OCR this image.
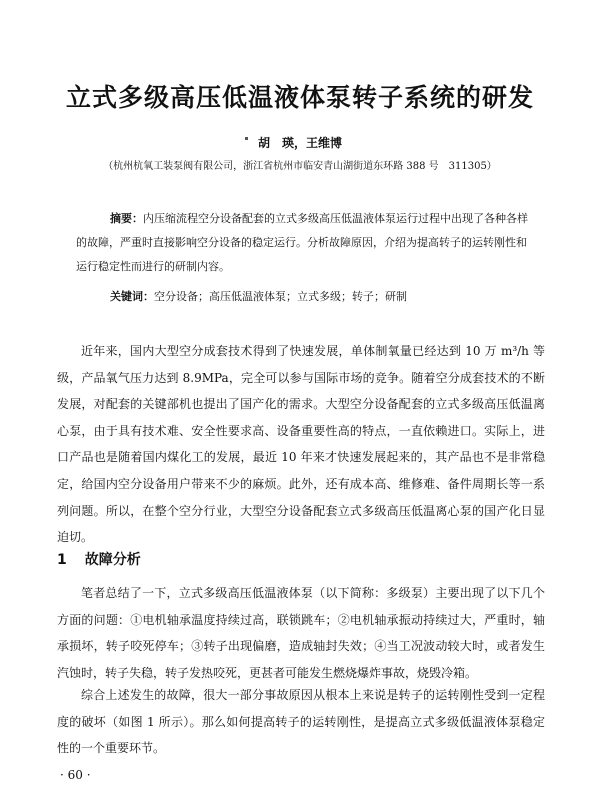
立式多级高压低温液体泵转子系统的研发
胡　瑛，王维博
（杭州杭氧工装泵阀有限公司，浙江省杭州市临安青山湖街道东环路 388 号　311305）
摘要：内压缩流程空分设备配套的立式多级高压低温液体泵运行过程中出现了各种各样的故障，严重时直接影响空分设备的稳定运行。分析故障原因，介绍为提高转子的运转刚性和运行稳定性而进行的研制内容。
关键词：空分设备；高压低温液体泵；立式多级；转子；研制
近年来，国内大型空分成套技术得到了快速发展，单体制氧量已经达到 10 万 m³/h 等级，产品氧气压力达到 8.9MPa，完全可以参与国际市场的竞争。随着空分成套技术的不断发展，对配套的关键部机也提出了国产化的需求。大型空分设备配套的立式多级高压低温离心泵，由于具有技术难、安全性要求高、设备重要性高的特点，一直依赖进口。实际上，进口产品也是随着国内煤化工的发展，最近 10 年来才快速发展起来的，其产品也不是非常稳定，给国内空分设备用户带来不少的麻烦。此外，还有成本高、维修难、备件周期长等一系列问题。所以，在整个空分行业，大型空分设备配套立式多级高压低温离心泵的国产化日显迫切。
1 故障分析
笔者总结了一下，立式多级高压低温液体泵（以下简称：多级泵）主要出现了以下几个方面的问题：①电机轴承温度持续过高，联锁跳车；②电机轴承振动持续过大，严重时，轴承损坏，转子咬死停车；③转子出现偏磨，造成轴封失效；④当工况波动较大时，或者发生汽蚀时，转子失稳，转子发热咬死，更甚者可能发生燃烧爆炸事故，烧毁冷箱。
综合上述发生的故障，很大一部分事故原因从根本上来说是转子的运转刚性受到一定程度的破坏（如图 1 所示）。那么如何提高转子的运转刚性，是提高立式多级低温液体泵稳定性的一个重要环节。
· 60 ·
